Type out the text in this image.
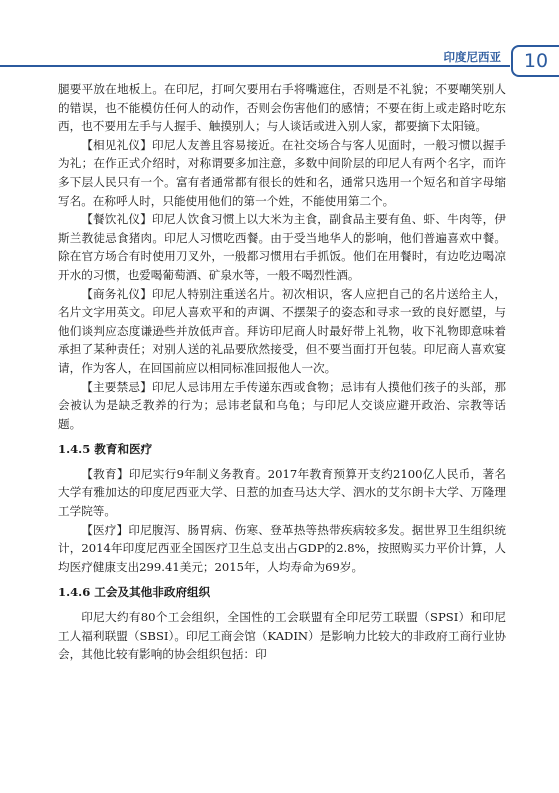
印度尼西亚	10

腿要平放在地板上。在印尼，打呵欠要用右手将嘴遮住，否则是不礼貌；不要嘲笑别人的错误，也不能模仿任何人的动作，否则会伤害他们的感情；不要在街上或走路时吃东西，也不要用左手与人握手、触摸别人；与人谈话或进入别人家，都要摘下太阳镜。

【相见礼仪】印尼人友善且容易接近。在社交场合与客人见面时，一般习惯以握手为礼；在作正式介绍时，对称谓要多加注意，多数中间阶层的印尼人有两个名字，而许多下层人民只有一个。富有者通常都有很长的姓和名，通常只选用一个短名和首字母缩写名。在称呼人时，只能使用他们的第一个姓，不能使用第二个。

【餐饮礼仪】印尼人饮食习惯上以大米为主食，副食品主要有鱼、虾、牛肉等，伊斯兰教徒忌食猪肉。印尼人习惯吃西餐。由于受当地华人的影响，他们普遍喜欢中餐。除在官方场合有时使用刀叉外，一般都习惯用右手抓饭。他们在用餐时，有边吃边喝凉开水的习惯，也爱喝葡萄酒、矿泉水等，一般不喝烈性酒。

【商务礼仪】印尼人特别注重送名片。初次相识，客人应把自己的名片送给主人，名片文字用英文。印尼人喜欢平和的声调、不摆架子的姿态和寻求一致的良好愿望，与他们谈判应态度谦逊些并放低声音。拜访印尼商人时最好带上礼物，收下礼物即意味着承担了某种责任；对别人送的礼品要欣然接受，但不要当面打开包装。印尼商人喜欢宴请，作为客人，在回国前应以相同标准回报他人一次。

【主要禁忌】印尼人忌讳用左手传递东西或食物；忌讳有人摸他们孩子的头部，那会被认为是缺乏教养的行为；忌讳老鼠和乌龟；与印尼人交谈应避开政治、宗教等话题。

1.4.5 教育和医疗

【教育】印尼实行9年制义务教育。2017年教育预算开支约2100亿人民币，著名大学有雅加达的印度尼西亚大学、日惹的加查马达大学、泗水的艾尔朗卡大学、万隆理工学院等。

【医疗】印尼腹泻、肠胃病、伤寒、登革热等热带疾病较多发。据世界卫生组织统计，2014年印度尼西亚全国医疗卫生总支出占GDP的2.8%，按照购买力平价计算，人均医疗健康支出299.41美元；2015年，人均寿命为69岁。

1.4.6 工会及其他非政府组织

印尼大约有80个工会组织，全国性的工会联盟有全印尼劳工联盟（SPSI）和印尼工人福利联盟（SBSI）。印尼工商会馆（KADIN）是影响力比较大的非政府工商行业协会，其他比较有影响的协会组织包括：印
